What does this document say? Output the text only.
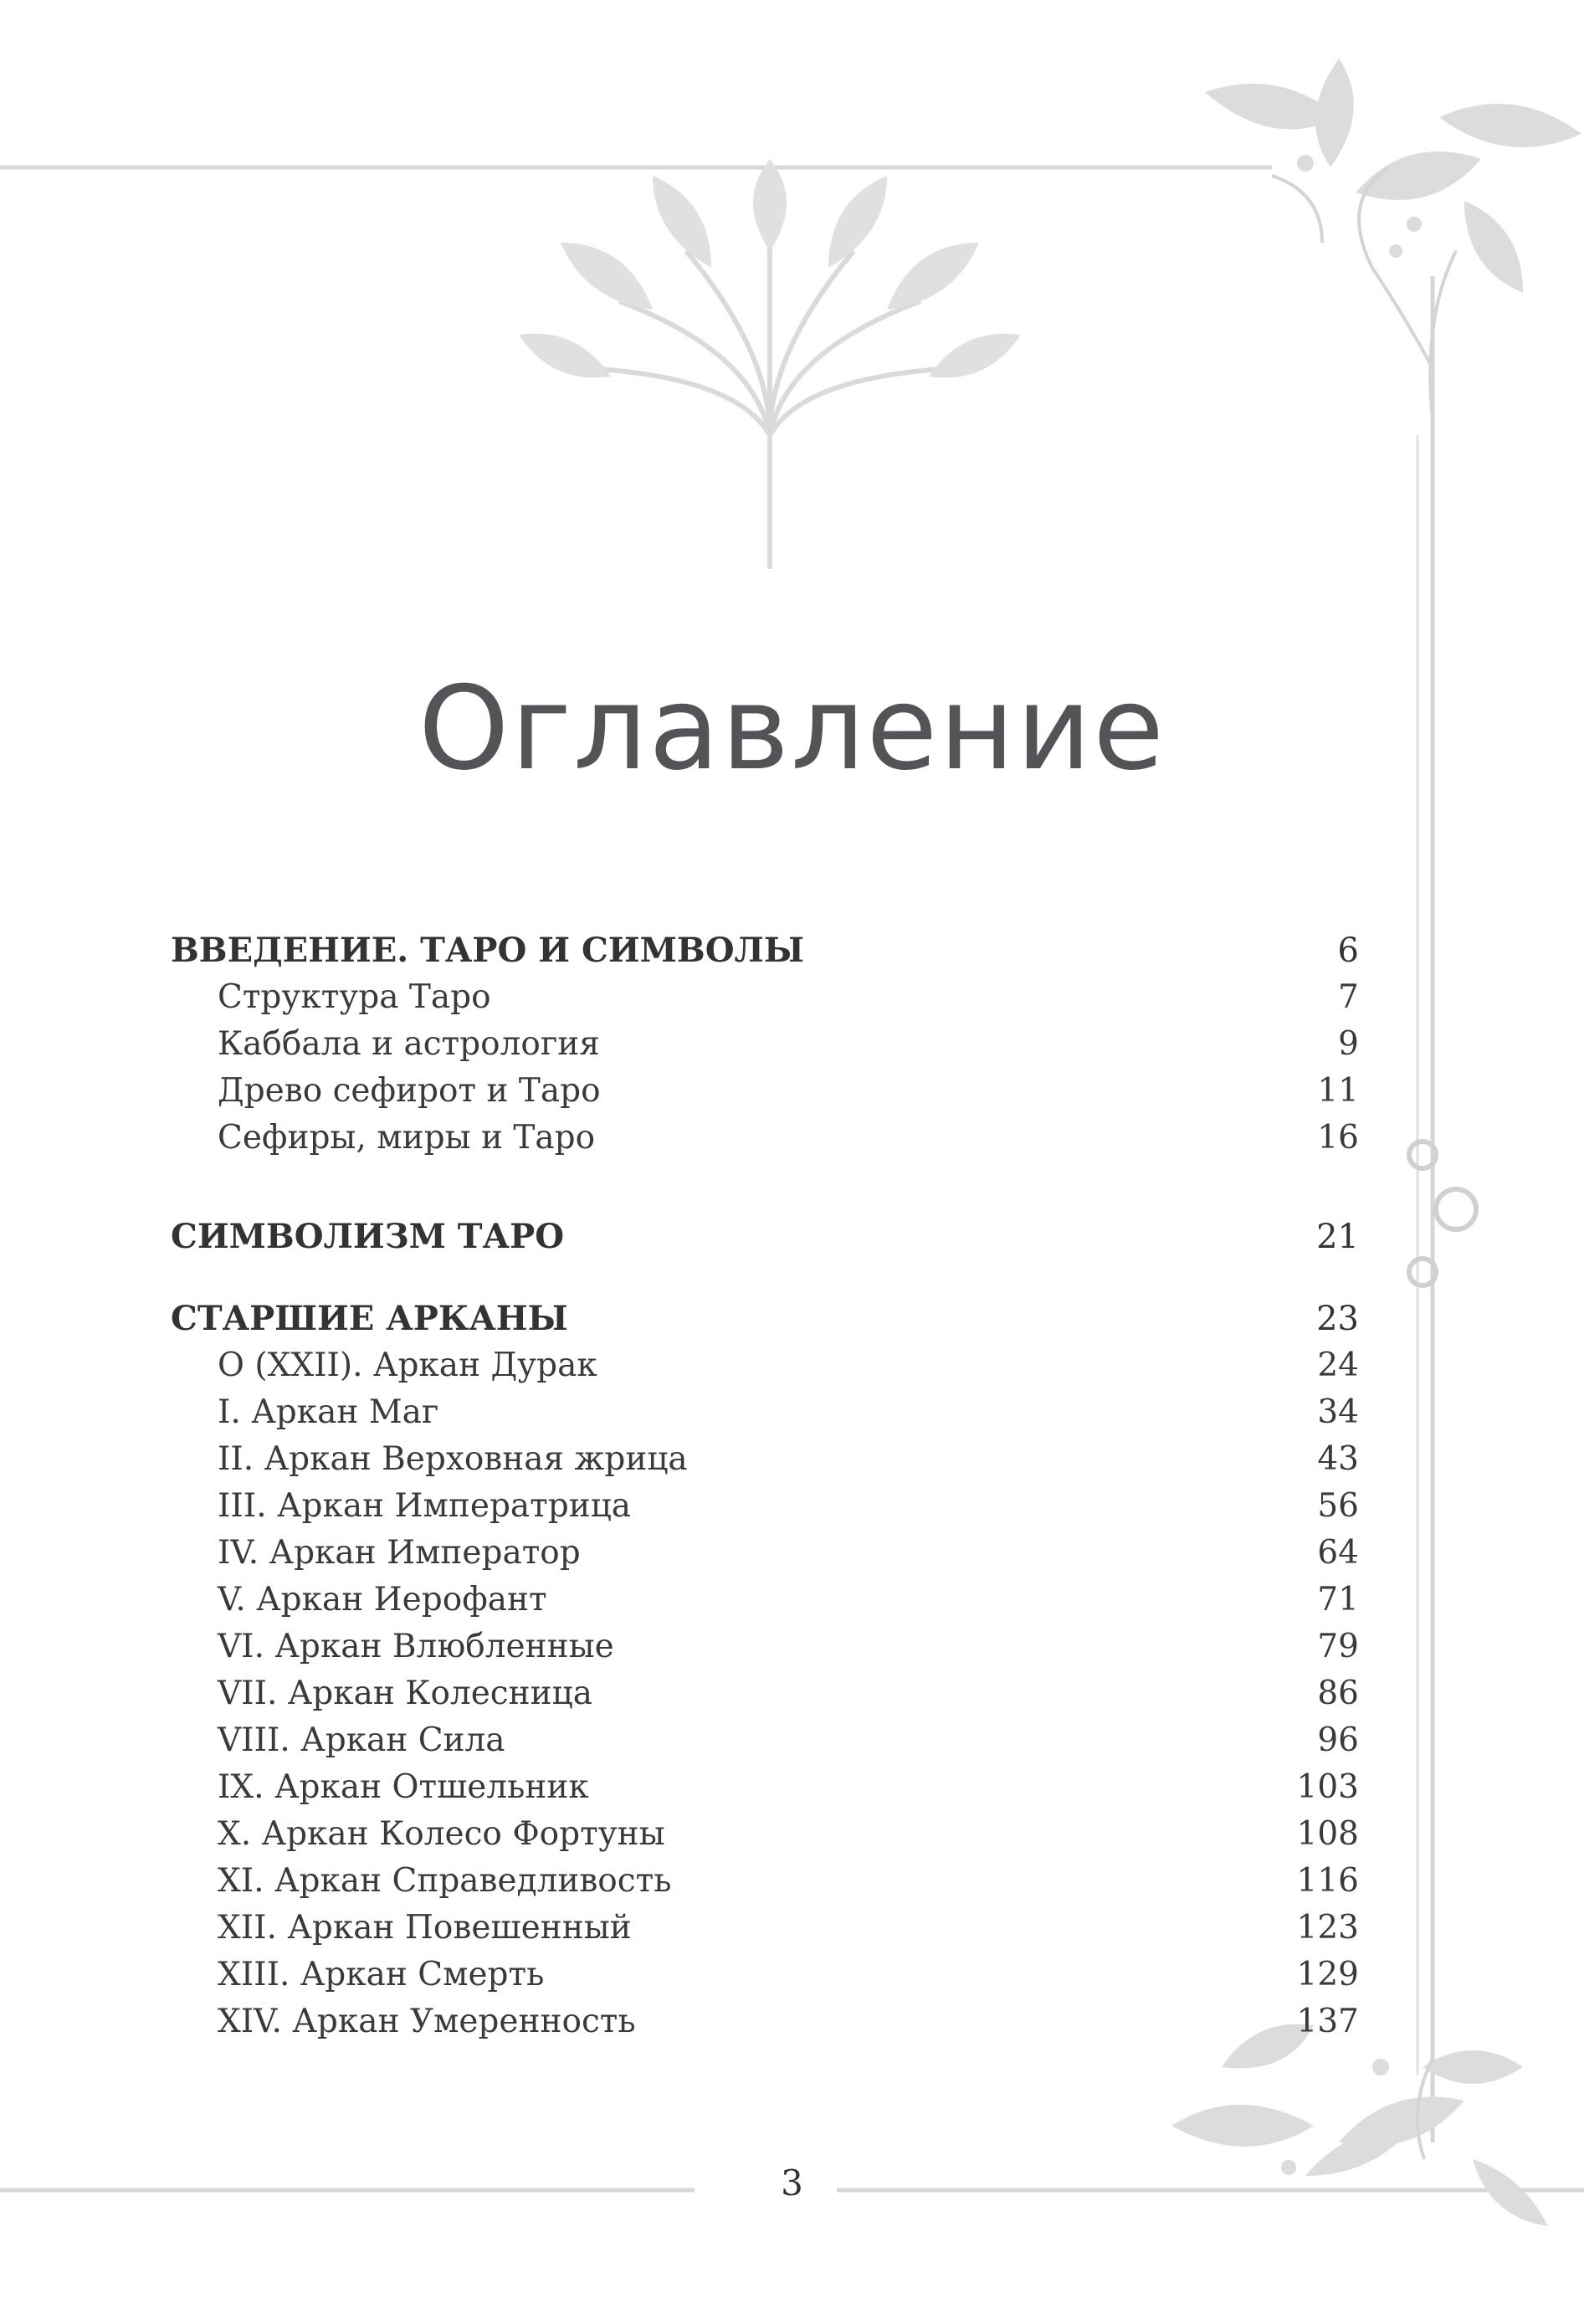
Оглавление
ВВЕДЕНИЕ. ТАРО И СИМВОЛЫ	6
Структура Таро	7
Каббала и астрология	9
Древо сефирот и Таро	11
Сефиры, миры и Таро	16
СИМВОЛИЗМ ТАРО	21
СТАРШИЕ АРКАНЫ	23
О (XXII). Аркан Дурак	24
I. Аркан Маг	34
II. Аркан Верховная жрица	43
III. Аркан Императрица	56
IV. Аркан Император	64
V. Аркан Иерофант	71
VI. Аркан Влюбленные	79
VII. Аркан Колесница	86
VIII. Аркан Сила	96
IX. Аркан Отшельник	103
X. Аркан Колесо Фортуны	108
XI. Аркан Справедливость	116
XII. Аркан Повешенный	123
XIII. Аркан Смерть	129
XIV. Аркан Умеренность	137
3
